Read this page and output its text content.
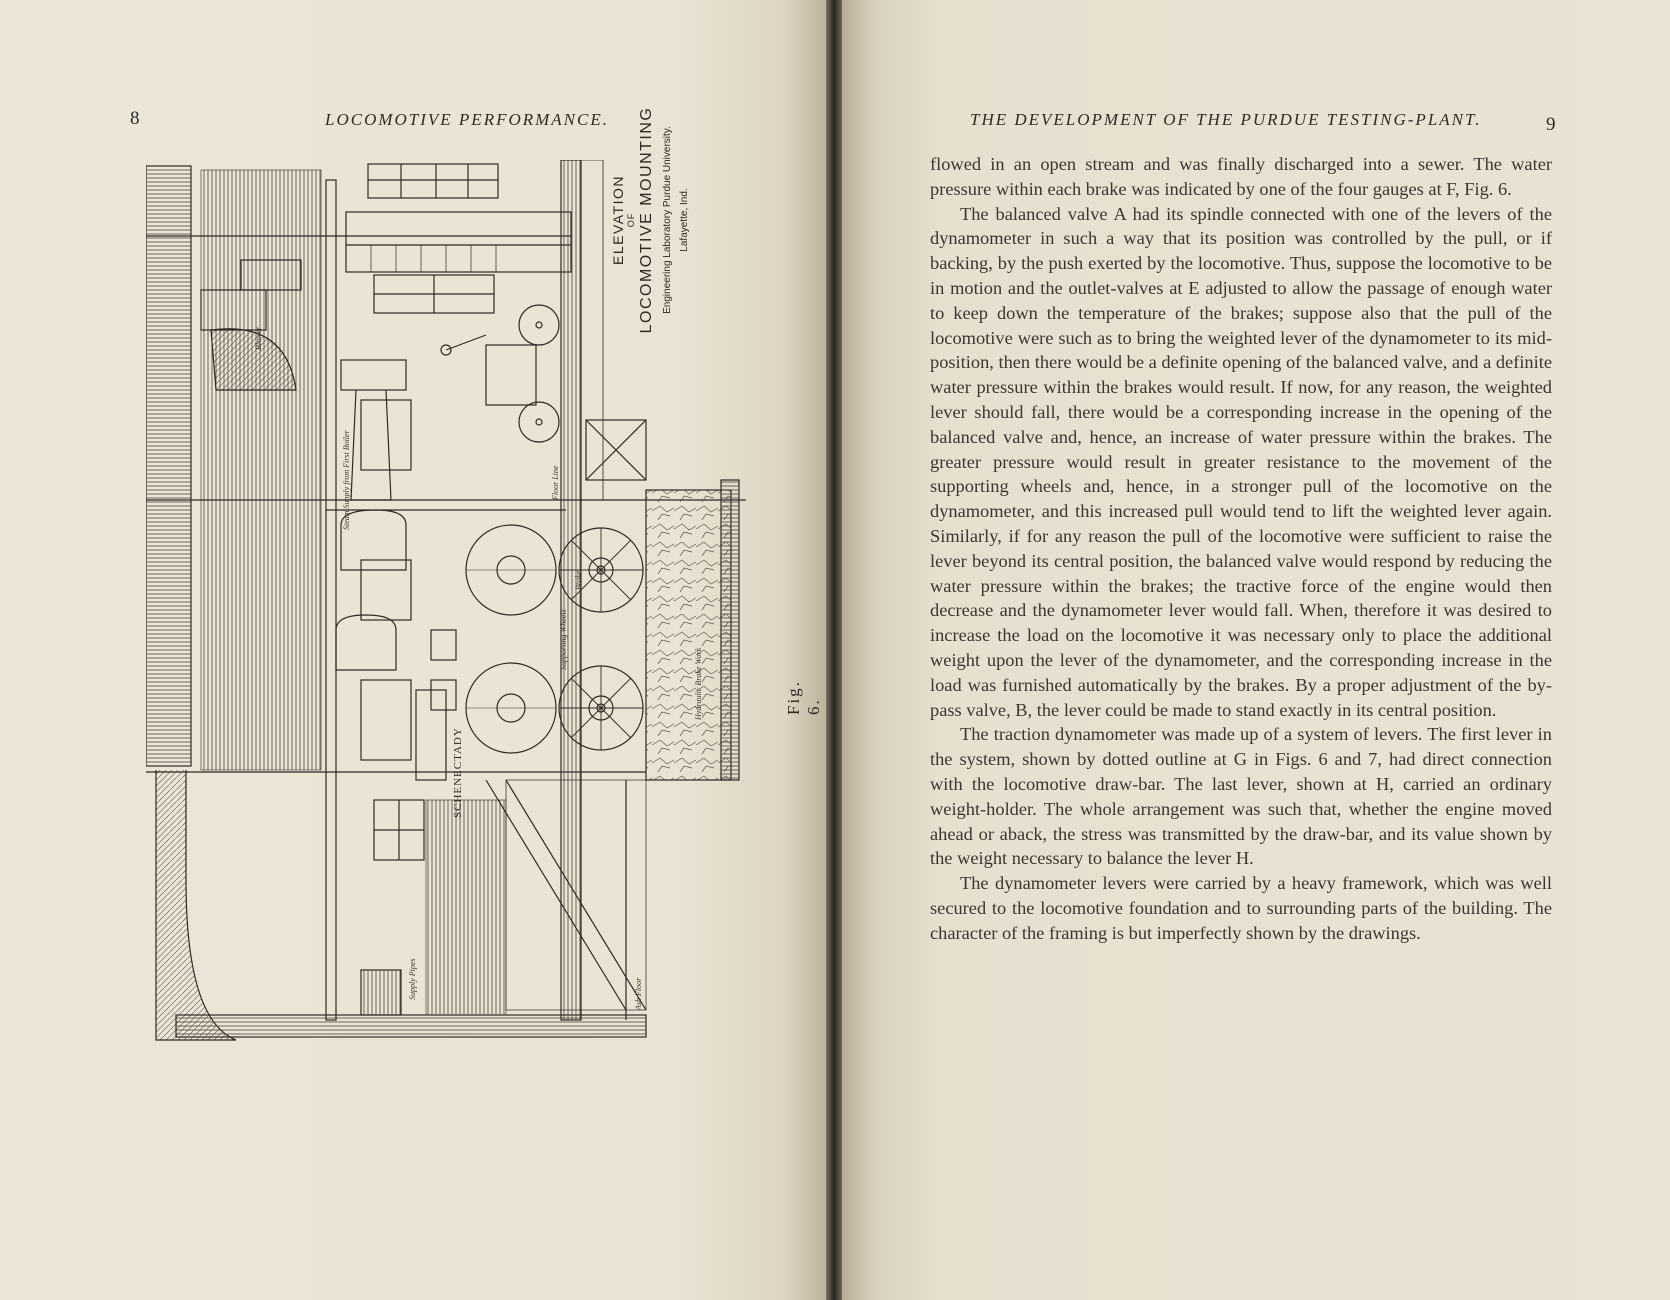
8	LOCOMOTIVE PERFORMANCE.
Blower
Steam Supply from First Boiler	Floor Line
Supporting Wheels
Brake
Hydraulic Brake Work
Ash Floor
Supply Pipes
SCHENECTADY
ELEVATION OF LOCOMOTIVE MOUNTING Engineering Laboratory Purdue University. Lafayette, Ind.
Fig. 6.
THE DEVELOPMENT OF THE PURDUE TESTING-PLANT.	9

flowed in an open stream and was finally discharged into a sewer. The water pressure within each brake was indicated by one of the four gauges at F, Fig. 6.

The balanced valve A had its spindle connected with one of the levers of the dynamometer in such a way that its position was controlled by the pull, or if backing, by the push exerted by the locomotive. Thus, suppose the locomotive to be in motion and the outlet-valves at E adjusted to allow the passage of enough water to keep down the temperature of the brakes; suppose also that the pull of the locomotive were such as to bring the weighted lever of the dynamometer to its mid-position, then there would be a definite opening of the balanced valve, and a definite water pressure within the brakes would result. If now, for any reason, the weighted lever should fall, there would be a corresponding increase in the opening of the balanced valve and, hence, an increase of water pressure within the brakes. The greater pressure would result in greater resistance to the movement of the supporting wheels and, hence, in a stronger pull of the locomotive on the dynamometer, and this increased pull would tend to lift the weighted lever again. Similarly, if for any reason the pull of the locomotive were sufficient to raise the lever beyond its central position, the balanced valve would respond by reducing the water pressure within the brakes; the tractive force of the engine would then decrease and the dynamometer lever would fall. When, therefore it was desired to increase the load on the locomotive it was necessary only to place the additional weight upon the lever of the dynamometer, and the corresponding increase in the load was furnished automatically by the brakes. By a proper adjustment of the by-pass valve, B, the lever could be made to stand exactly in its central position.

The traction dynamometer was made up of a system of levers. The first lever in the system, shown by dotted outline at G in Figs. 6 and 7, had direct connection with the locomotive draw-bar. The last lever, shown at H, carried an ordinary weight-holder. The whole arrangement was such that, whether the engine moved ahead or aback, the stress was transmitted by the draw-bar, and its value shown by the weight necessary to balance the lever H.

The dynamometer levers were carried by a heavy framework, which was well secured to the locomotive foundation and to surrounding parts of the building. The character of the framing is but imperfectly shown by the drawings.
